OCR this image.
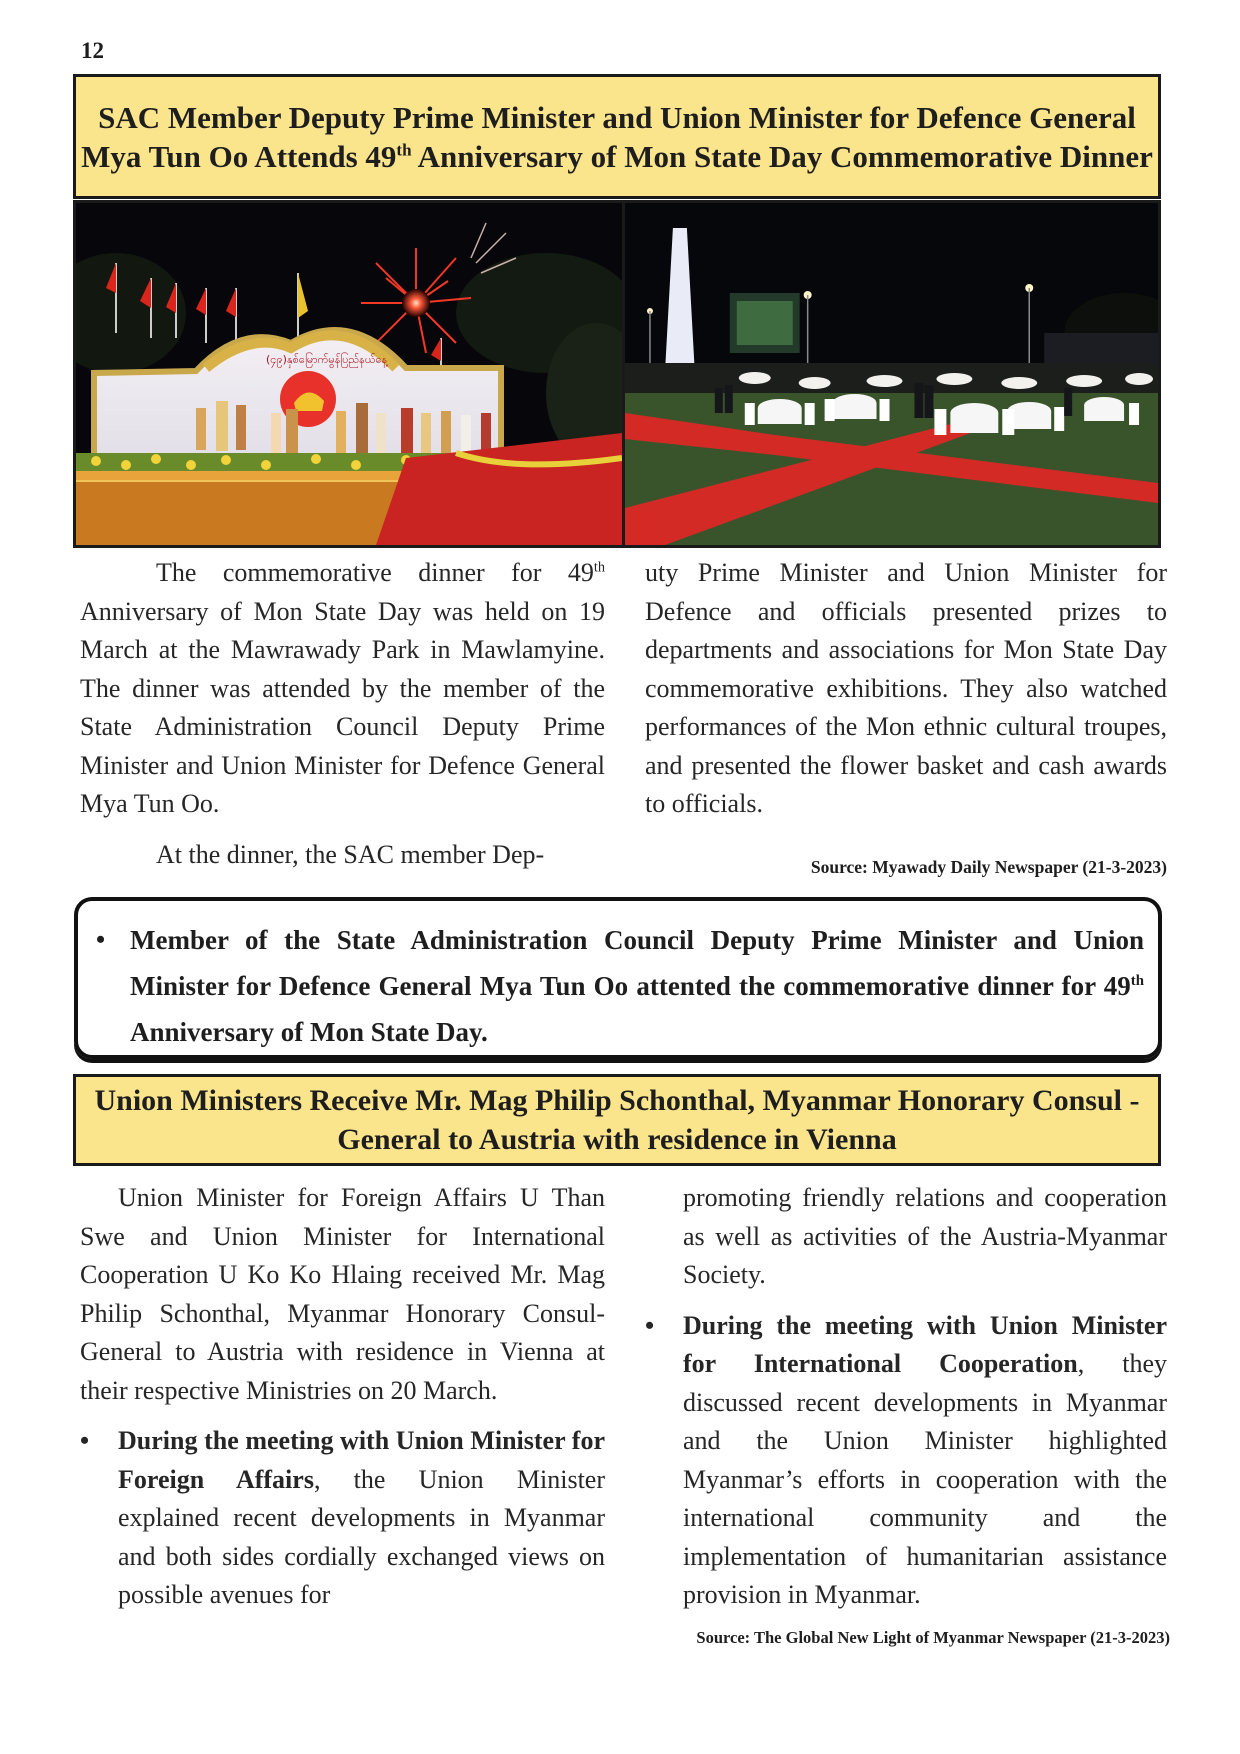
12

SAC Member Deputy Prime Minister and Union Minister for Defence General Mya Tun Oo Attends 49th Anniversary of Mon State Day Commemorative Dinner
(၄၉)နှစ်မြောက်မွန်ပြည်နယ်နေ့

The commemorative dinner for 49th Anniversary of Mon State Day was held on 19 March at the Mawrawady Park in Mawlamyine. The dinner was attended by the member of the State Administration Council Deputy Prime Minister and Union Minister for Defence General Mya Tun Oo.

At the dinner, the SAC member Dep-

uty Prime Minister and Union Minister for Defence and officials presented prizes to departments and associations for Mon State Day commemorative exhibitions. They also watched performances of the Mon ethnic cultural troupes, and presented the flower basket and cash awards to officials.

Source: Myawady Daily Newspaper (21-3-2023)

• Member of the State Administration Council Deputy Prime Minister and Union Minister for Defence General Mya Tun Oo attented the commemorative dinner for 49th Anniversary of Mon State Day.

Union Ministers Receive Mr. Mag Philip Schonthal, Myanmar Honorary Consul -General to Austria with residence in Vienna

Union Minister for Foreign Affairs U Than Swe and Union Minister for International Cooperation U Ko Ko Hlaing received Mr. Mag Philip Schonthal, Myanmar Honorary Consul-General to Austria with residence in Vienna at their respective Ministries on 20 March.

• During the meeting with Union Minister for Foreign Affairs, the Union Minister explained recent developments in Myanmar and both sides cordially exchanged views on possible avenues for

promoting friendly relations and cooperation as well as activities of the Austria-Myanmar Society.

• During the meeting with Union Minister for International Cooperation, they discussed recent developments in Myanmar and the Union Minister highlighted Myanmar’s efforts in cooperation with the international community and the implementation of humanitarian assistance provision in Myanmar.

Source: The Global New Light of Myanmar Newspaper (21-3-2023)
